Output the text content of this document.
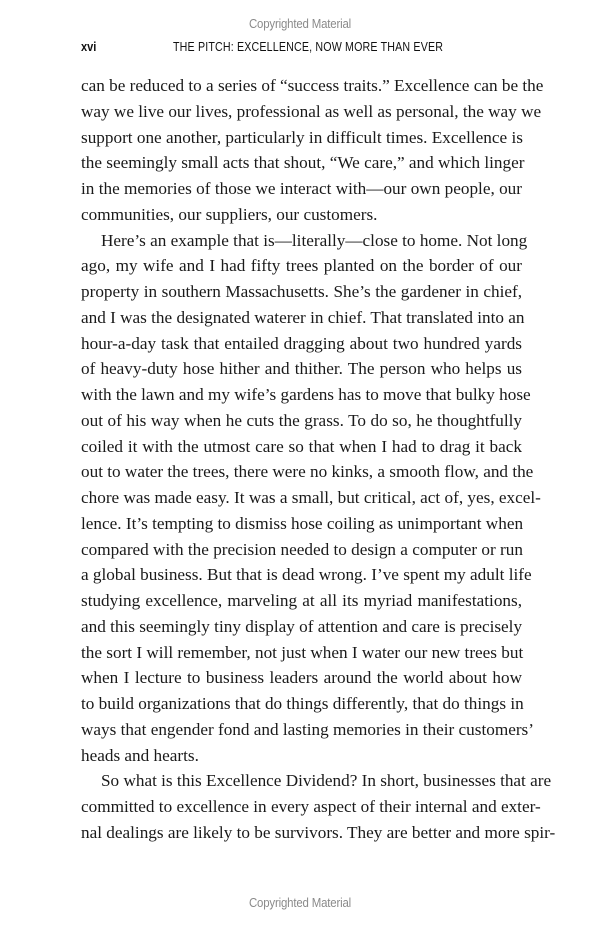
Copyrighted Material
xvi	THE PITCH: EXCELLENCE, NOW MORE THAN EVER

can be reduced to a series of “success traits.” Excellence can be the
way we live our lives, professional as well as personal, the way we
support one another, particularly in difficult times. Excellence is
the seemingly small acts that shout, “We care,” and which linger
in the memories of those we interact with—our own people, our
communities, our suppliers, our customers.

Here’s an example that is—literally—close to home. Not long
ago, my wife and I had fifty trees planted on the border of our
property in southern Massachusetts. She’s the gardener in chief,
and I was the designated waterer in chief. That translated into an
hour-a-day task that entailed dragging about two hundred yards
of heavy-duty hose hither and thither. The person who helps us
with the lawn and my wife’s gardens has to move that bulky hose
out of his way when he cuts the grass. To do so, he thoughtfully
coiled it with the utmost care so that when I had to drag it back
out to water the trees, there were no kinks, a smooth flow, and the
chore was made easy. It was a small, but critical, act of, yes, excel-
lence. It’s tempting to dismiss hose coiling as unimportant when
compared with the precision needed to design a computer or run
a global business. But that is dead wrong. I’ve spent my adult life
studying excellence, marveling at all its myriad manifestations,
and this seemingly tiny display of attention and care is precisely
the sort I will remember, not just when I water our new trees but
when I lecture to business leaders around the world about how
to build organizations that do things differently, that do things in
ways that engender fond and lasting memories in their customers’
heads and hearts.

So what is this Excellence Dividend? In short, businesses that are
committed to excellence in every aspect of their internal and exter-
nal dealings are likely to be survivors. They are better and more spir-

Copyrighted Material
